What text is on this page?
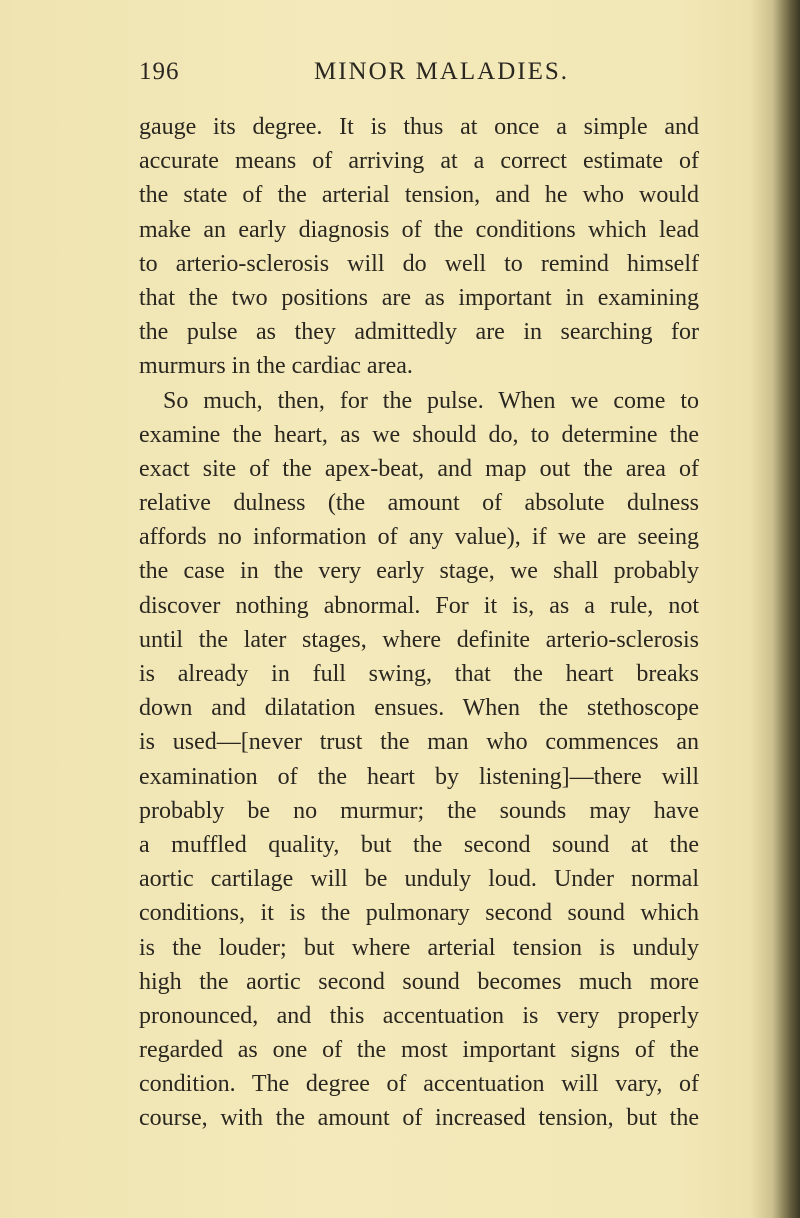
196	MINOR MALADIES.
gauge its degree. It is thus at once a simple and
accurate means of arriving at a correct estimate of
the state of the arterial tension, and he who would
make an early diagnosis of the conditions which lead
to arterio-sclerosis will do well to remind himself
that the two positions are as important in examining
the pulse as they admittedly are in searching for
murmurs in the cardiac area.
So much, then, for the pulse. When we come to
examine the heart, as we should do, to determine the
exact site of the apex-beat, and map out the area of
relative dulness (the amount of absolute dulness
affords no information of any value), if we are seeing
the case in the very early stage, we shall probably
discover nothing abnormal. For it is, as a rule, not
until the later stages, where definite arterio-sclerosis
is already in full swing, that the heart breaks
down and dilatation ensues. When the stethoscope
is used—[never trust the man who commences an
examination of the heart by listening]—there will
probably be no murmur; the sounds may have
a muffled quality, but the second sound at the
aortic cartilage will be unduly loud. Under normal
conditions, it is the pulmonary second sound which
is the louder; but where arterial tension is unduly
high the aortic second sound becomes much more
pronounced, and this accentuation is very properly
regarded as one of the most important signs of the
condition. The degree of accentuation will vary, of
course, with the amount of increased tension, but the
